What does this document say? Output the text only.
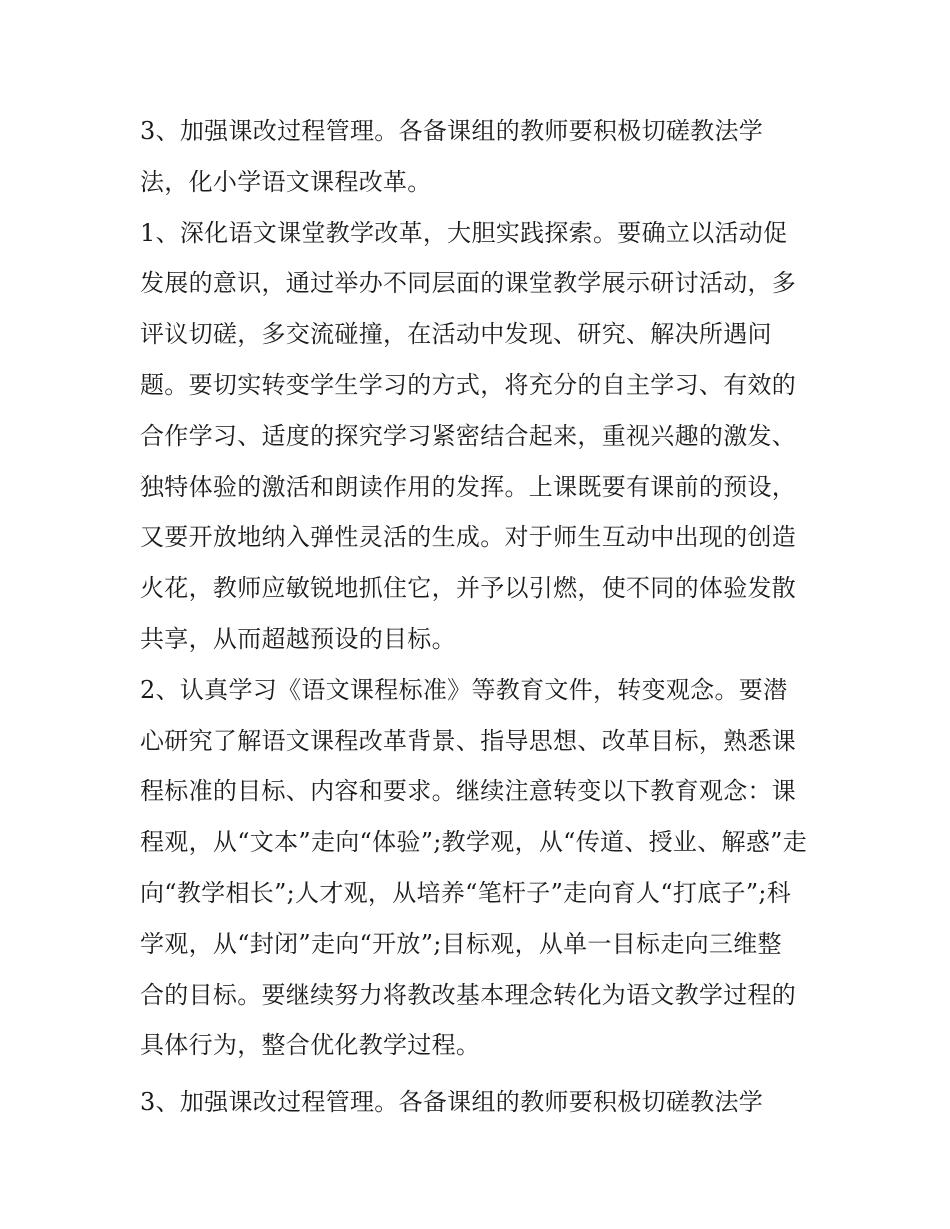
3、加强课改过程管理。各备课组的教师要积极切磋教法学
法，化小学语文课程改革。
1、深化语文课堂教学改革，大胆实践探索。要确立以活动促
发展的意识，通过举办不同层面的课堂教学展示研讨活动，多
评议切磋，多交流碰撞，在活动中发现、研究、解决所遇问
题。要切实转变学生学习的方式，将充分的自主学习、有效的
合作学习、适度的探究学习紧密结合起来，重视兴趣的激发、
独特体验的激活和朗读作用的发挥。上课既要有课前的预设，
又要开放地纳入弹性灵活的生成。对于师生互动中出现的创造
火花，教师应敏锐地抓住它，并予以引燃，使不同的体验发散
共享，从而超越预设的目标。
2、认真学习《语文课程标准》等教育文件，转变观念。要潜
心研究了解语文课程改革背景、指导思想、改革目标，熟悉课
程标准的目标、内容和要求。继续注意转变以下教育观念：课
程观，从“文本”走向“体验”;教学观，从“传道、授业、解惑”走
向“教学相长”;人才观，从培养“笔杆子”走向育人“打底子”;科
学观，从“封闭”走向“开放”;目标观，从单一目标走向三维整
合的目标。要继续努力将教改基本理念转化为语文教学过程的
具体行为，整合优化教学过程。
3、加强课改过程管理。各备课组的教师要积极切磋教法学
